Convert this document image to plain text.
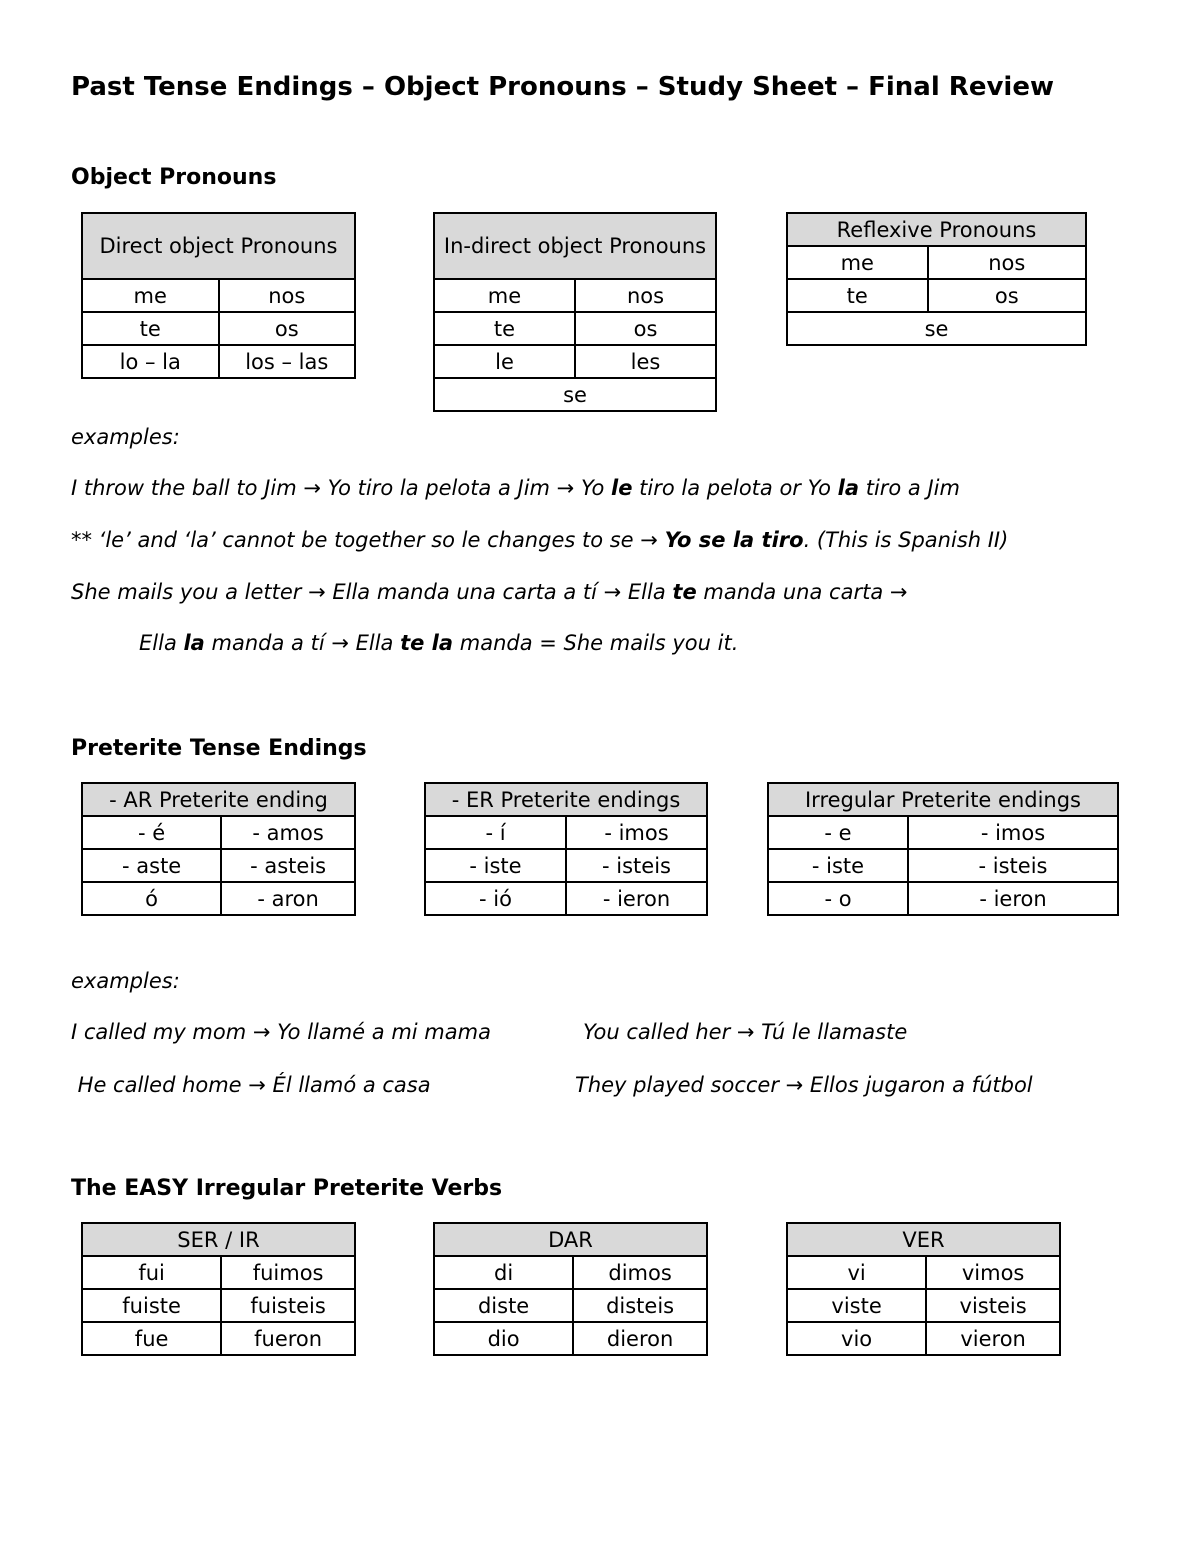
Past Tense Endings – Object Pronouns – Study Sheet – Final Review
Object Pronouns
Direct object Pronouns	
me	nos
te	os
lo – la	los – las
In-direct object Pronouns	
me	nos
te	os
le	les
se	
Reflexive Pronouns	
me	nos
te	os
se	
examples:
I throw the ball to Jim → Yo tiro la pelota a Jim → Yo le tiro la pelota or Yo la tiro a Jim
** ‘le’ and ‘la’ cannot be together so le changes to se → Yo se la tiro. (This is Spanish II)
She mails you a letter → Ella manda una carta a tí → Ella te manda una carta →
Ella la manda a tí → Ella te la manda = She mails you it.
Preterite Tense Endings
- AR Preterite ending	
- é	- amos
- aste	- asteis
ó	- aron
- ER Preterite endings	
- í	- imos
- iste	- isteis
- ió	- ieron
Irregular Preterite endings	
- e	- imos
- iste	- isteis
- o	- ieron
examples:
I called my mom → Yo llamé a mi mama	You called her → Tú le llamaste
He called home → Él llamó a casa	They played soccer → Ellos jugaron a fútbol
The EASY Irregular Preterite Verbs
SER / IR	
fui	fuimos
fuiste	fuisteis
fue	fueron
DAR	
di	dimos
diste	disteis
dio	dieron
VER	
vi	vimos
viste	visteis
vio	vieron
